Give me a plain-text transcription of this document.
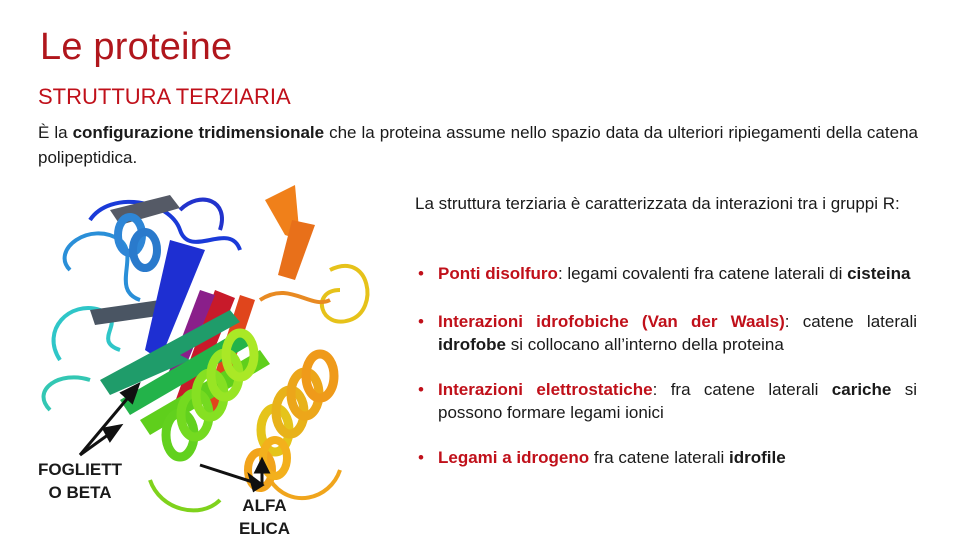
Le proteine
STRUTTURA TERZIARIA

È la configurazione tridimensionale che la proteina assume nello spazio data da ulteriori ripiegamenti della catena polipeptidica.

La struttura terziaria è caratterizzata da interazioni tra i gruppi R:

• Ponti disolfuro: legami covalenti fra catene laterali di cisteina
• Interazioni idrofobiche (Van der Waals): catene laterali idrofobe si collocano all’interno della proteina
• Interazioni elettrostatiche: fra catene laterali cariche si possono formare legami ionici
• Legami a idrogeno fra catene laterali idrofile
FOGLIETT
O BETA
ALFA
ELICA
